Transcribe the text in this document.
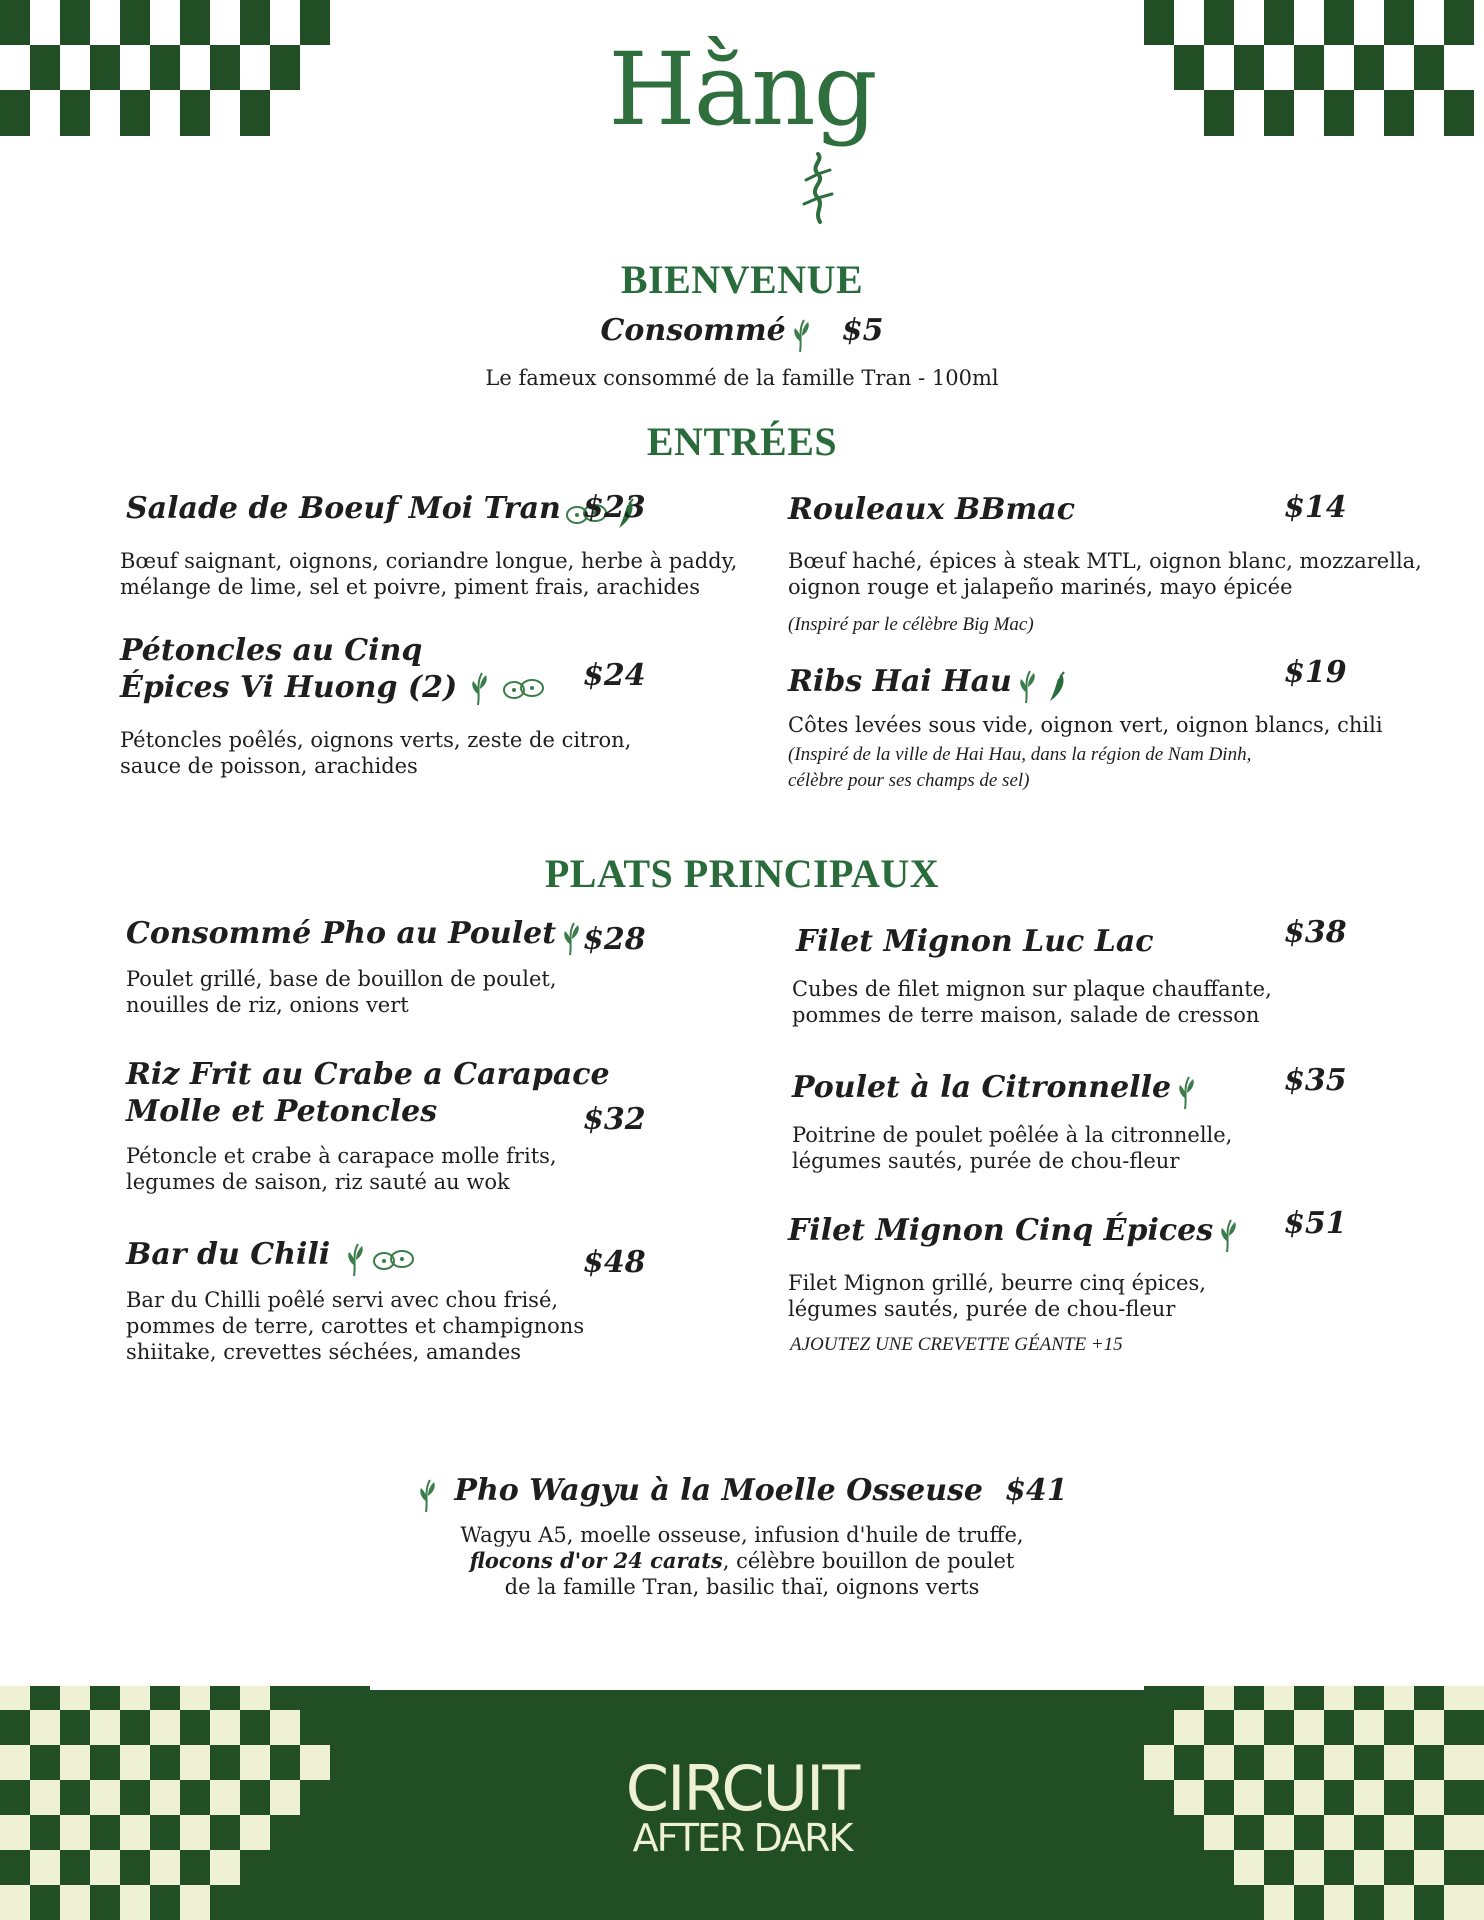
Hằng
BIENVENUE
Consommé $5
Le fameux consommé de la famille Tran - 100ml
ENTRÉES
Salade de Boeuf Moi Tran $23
Bœuf saignant, oignons, coriandre longue, herbe à paddy,
mélange de lime, sel et poivre, piment frais, arachides
Pétoncles au Cinq
Épices Vi Huong (2)	$24
Pétoncles poêlés, oignons verts, zeste de citron,
sauce de poisson, arachides
Rouleaux BBmac	$14
Bœuf haché, épices à steak MTL, oignon blanc, mozzarella,
oignon rouge et jalapeño marinés, mayo épicée
(Inspiré par le célèbre Big Mac)
Ribs Hai Hau	$19
Côtes levées sous vide, oignon vert, oignon blancs, chili
(Inspiré de la ville de Hai Hau, dans la région de Nam Dinh,
célèbre pour ses champs de sel)
PLATS PRINCIPAUX
Consommé Pho au Poulet $28
Poulet grillé, base de bouillon de poulet,
nouilles de riz, onions vert
Riz Frit au Crabe a Carapace
Molle et Petoncles	$32
Pétoncle et crabe à carapace molle frits,
legumes de saison, riz sauté au wok
Bar du Chili	$48
Bar du Chilli poêlé servi avec chou frisé,
pommes de terre, carottes et champignons
shiitake, crevettes séchées, amandes
Filet Mignon Luc Lac	$38
Cubes de filet mignon sur plaque chauffante,
pommes de terre maison, salade de cresson
Poulet à la Citronnelle	$35
Poitrine de poulet poêlée à la citronnelle,
légumes sautés, purée de chou-fleur
Filet Mignon Cinq Épices	$51
Filet Mignon grillé, beurre cinq épices,
légumes sautés, purée de chou-fleur
AJOUTEZ UNE CREVETTE GÉANTE +15
Pho Wagyu à la Moelle Osseuse $41
Wagyu A5, moelle osseuse, infusion d'huile de truffe,
flocons d'or 24 carats, célèbre bouillon de poulet
de la famille Tran, basilic thaï, oignons verts
CIRCUIT
AFTER DARK
